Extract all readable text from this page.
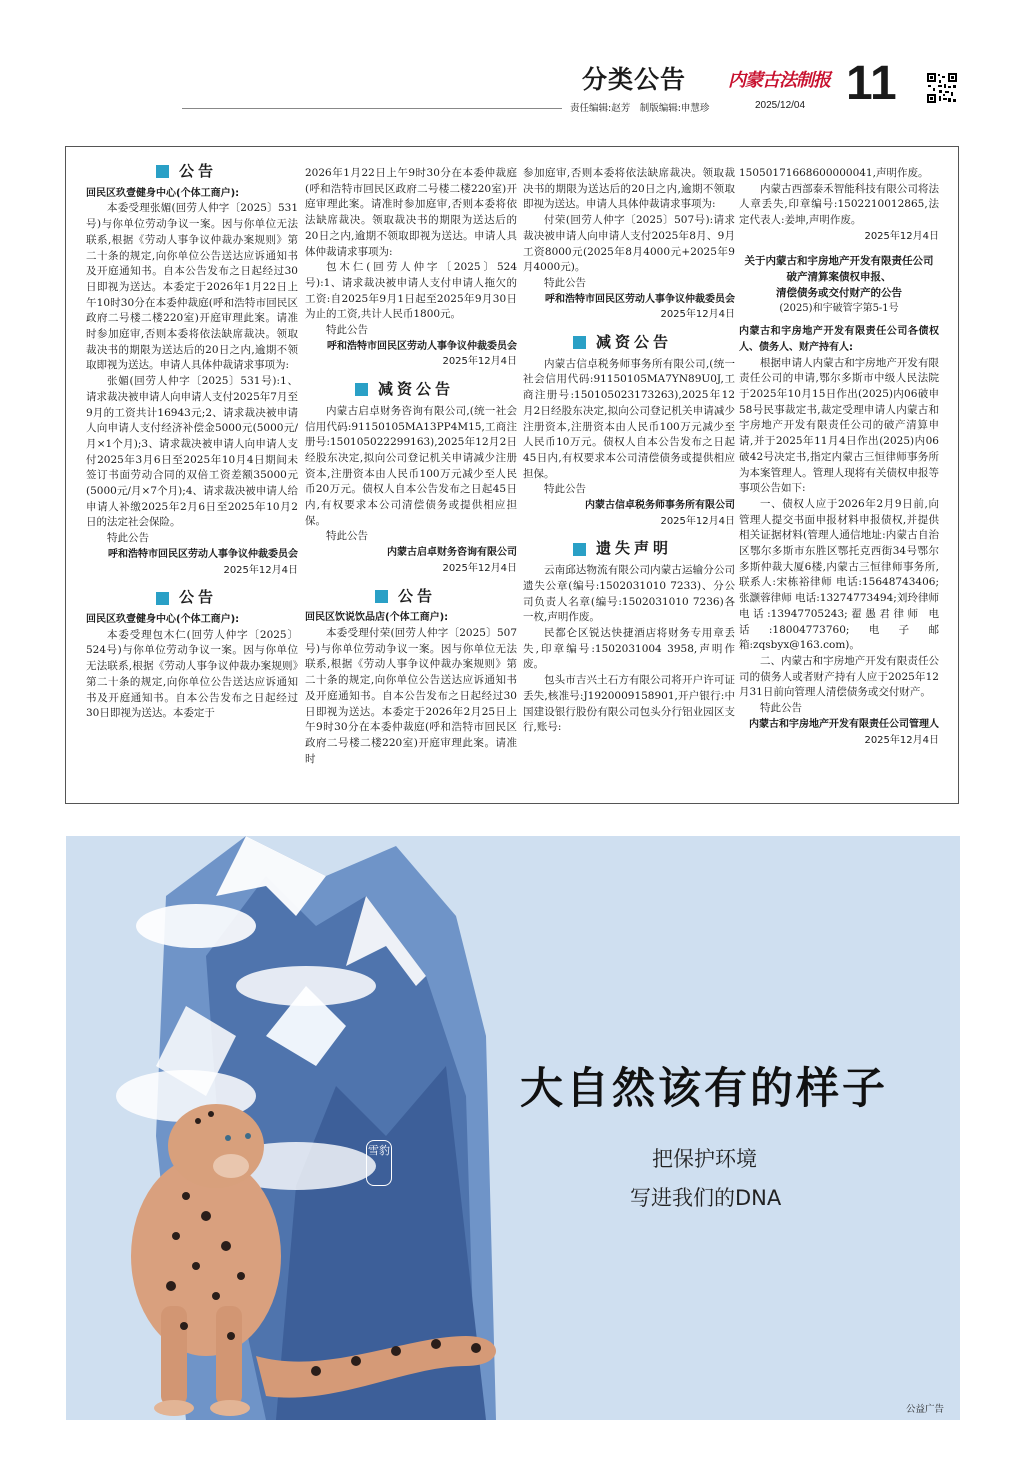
分类公告 内蒙古法制报 11
责任编辑:赵芳　制版编辑:申慧珍	2025/12/04
公告

回民区玖壹健身中心(个体工商户):

本委受理张媚(回劳人仲字〔2025〕531号)与你单位劳动争议一案。因与你单位无法联系,根据《劳动人事争议仲裁办案规则》第二十条的规定,向你单位公告送达应诉通知书及开庭通知书。自本公告发布之日起经过30日即视为送达。本委定于2026年1月22日上午10时30分在本委仲裁庭(呼和浩特市回民区政府二号楼二楼220室)开庭审理此案。请准时参加庭审,否则本委将依法缺席裁决。领取裁决书的期限为送达后的20日之内,逾期不领取即视为送达。申请人具体仲裁请求事项为:

张媚(回劳人仲字〔2025〕531号):1、请求裁决被申请人向申请人支付2025年7月至9月的工资共计16943元;2、请求裁决被申请人向申请人支付经济补偿金5000元(5000元/月×1个月);3、请求裁决被申请人向申请人支付2025年3月6日至2025年10月4日期间未签订书面劳动合同的双倍工资差额35000元(5000元/月×7个月);4、请求裁决被申请人给申请人补缴2025年2月6日至2025年10月2日的法定社会保险。

特此公告

呼和浩特市回民区劳动人事争议仲裁委员会

2025年12月4日

公告

回民区玖壹健身中心(个体工商户):

本委受理包木仁(回劳人仲字〔2025〕524号)与你单位劳动争议一案。因与你单位无法联系,根据《劳动人事争议仲裁办案规则》第二十条的规定,向你单位公告送达应诉通知书及开庭通知书。自本公告发布之日起经过30日即视为送达。本委定于

2026年1月22日上午9时30分在本委仲裁庭(呼和浩特市回民区政府二号楼二楼220室)开庭审理此案。请准时参加庭审,否则本委将依法缺席裁决。领取裁决书的期限为送达后的20日之内,逾期不领取即视为送达。申请人具体仲裁请求事项为:

包木仁(回劳人仲字〔2025〕524号):1、请求裁决被申请人支付申请人拖欠的工资:自2025年9月1日起至2025年9月30日为止的工资,共计人民币1800元。

特此公告

呼和浩特市回民区劳动人事争议仲裁委员会

2025年12月4日

减资公告

内蒙古启卓财务咨询有限公司,(统一社会信用代码:91150105MA13PP4M15,工商注册号:150105022299163),2025年12月2日经股东决定,拟向公司登记机关申请减少注册资本,注册资本由人民币100万元减少至人民币20万元。债权人自本公告发布之日起45日内,有权要求本公司清偿债务或提供相应担保。

特此公告

内蒙古启卓财务咨询有限公司

2025年12月4日

公告

回民区饮说饮品店(个体工商户):

本委受理付荣(回劳人仲字〔2025〕507号)与你单位劳动争议一案。因与你单位无法联系,根据《劳动人事争议仲裁办案规则》第二十条的规定,向你单位公告送达应诉通知书及开庭通知书。自本公告发布之日起经过30日即视为送达。本委定于2026年2月25日上午9时30分在本委仲裁庭(呼和浩特市回民区政府二号楼二楼220室)开庭审理此案。请准时

参加庭审,否则本委将依法缺席裁决。领取裁决书的期限为送达后的20日之内,逾期不领取即视为送达。申请人具体仲裁请求事项为:

付荣(回劳人仲字〔2025〕507号):请求裁决被申请人向申请人支付2025年8月、9月工资8000元(2025年8月4000元+2025年9月4000元)。

特此公告

呼和浩特市回民区劳动人事争议仲裁委员会

2025年12月4日

减资公告

内蒙古信卓税务师事务所有限公司,(统一社会信用代码:91150105MA7YN89U0J,工商注册号:150105023173263),2025年12月2日经股东决定,拟向公司登记机关申请减少注册资本,注册资本由人民币100万元减少至人民币10万元。债权人自本公告发布之日起45日内,有权要求本公司清偿债务或提供相应担保。

特此公告

内蒙古信卓税务师事务所有限公司

2025年12月4日

遗失声明

云南邱达物流有限公司内蒙古运输分公司遗失公章(编号:1502031010 7233)、分公司负责人名章(编号:1502031010 7236)各一枚,声明作废。

民都仑区锐达快捷酒店将财务专用章丢失,印章编号:1502031004 3958,声明作废。

包头市吉兴土石方有限公司将开户许可证丢失,核准号:J1920009158901,开户银行:中国建设银行股份有限公司包头分行铝业园区支行,账号:

15050171668600000041,声明作废。

内蒙古西部泰禾智能科技有限公司将法人章丢失,印章编号:1502210012865,法定代表人:姜坤,声明作废。

2025年12月4日

关于内蒙古和宇房地产开发有限责任公司

破产清算案债权申报、

清偿债务或交付财产的公告

(2025)和宇破管字第5-1号

内蒙古和宇房地产开发有限责任公司各债权人、债务人、财产持有人:

根据申请人内蒙古和宇房地产开发有限责任公司的申请,鄂尔多斯市中级人民法院于2025年10月15日作出(2025)内06破申58号民事裁定书,裁定受理申请人内蒙古和宇房地产开发有限责任公司的破产清算申请,并于2025年11月4日作出(2025)内06破42号决定书,指定内蒙古三恒律师事务所为本案管理人。管理人现将有关债权申报等事项公告如下:

一、债权人应于2026年2月9日前,向管理人提交书面申报材料申报债权,并提供相关证据材料(管理人通信地址:内蒙古自治区鄂尔多斯市东胜区鄂托克西街34号鄂尔多斯仲裁大厦6楼,内蒙古三恒律师事务所,联系人:宋栋裕律师 电话:15648743406;张灏蓉律师 电话:13274773494;刘玲律师 电话:13947705243;翟愚君律师 电话:18004773760;电子邮箱:zqsbyx@163.com)。

二、内蒙古和宇房地产开发有限责任公司的债务人或者财产持有人应于2025年12月31日前向管理人清偿债务或交付财产。

特此公告

内蒙古和宇房地产开发有限责任公司管理人

2025年12月4日

雪豹
大自然该有的样子
把保护环境
写进我们的DNA
公益广告
